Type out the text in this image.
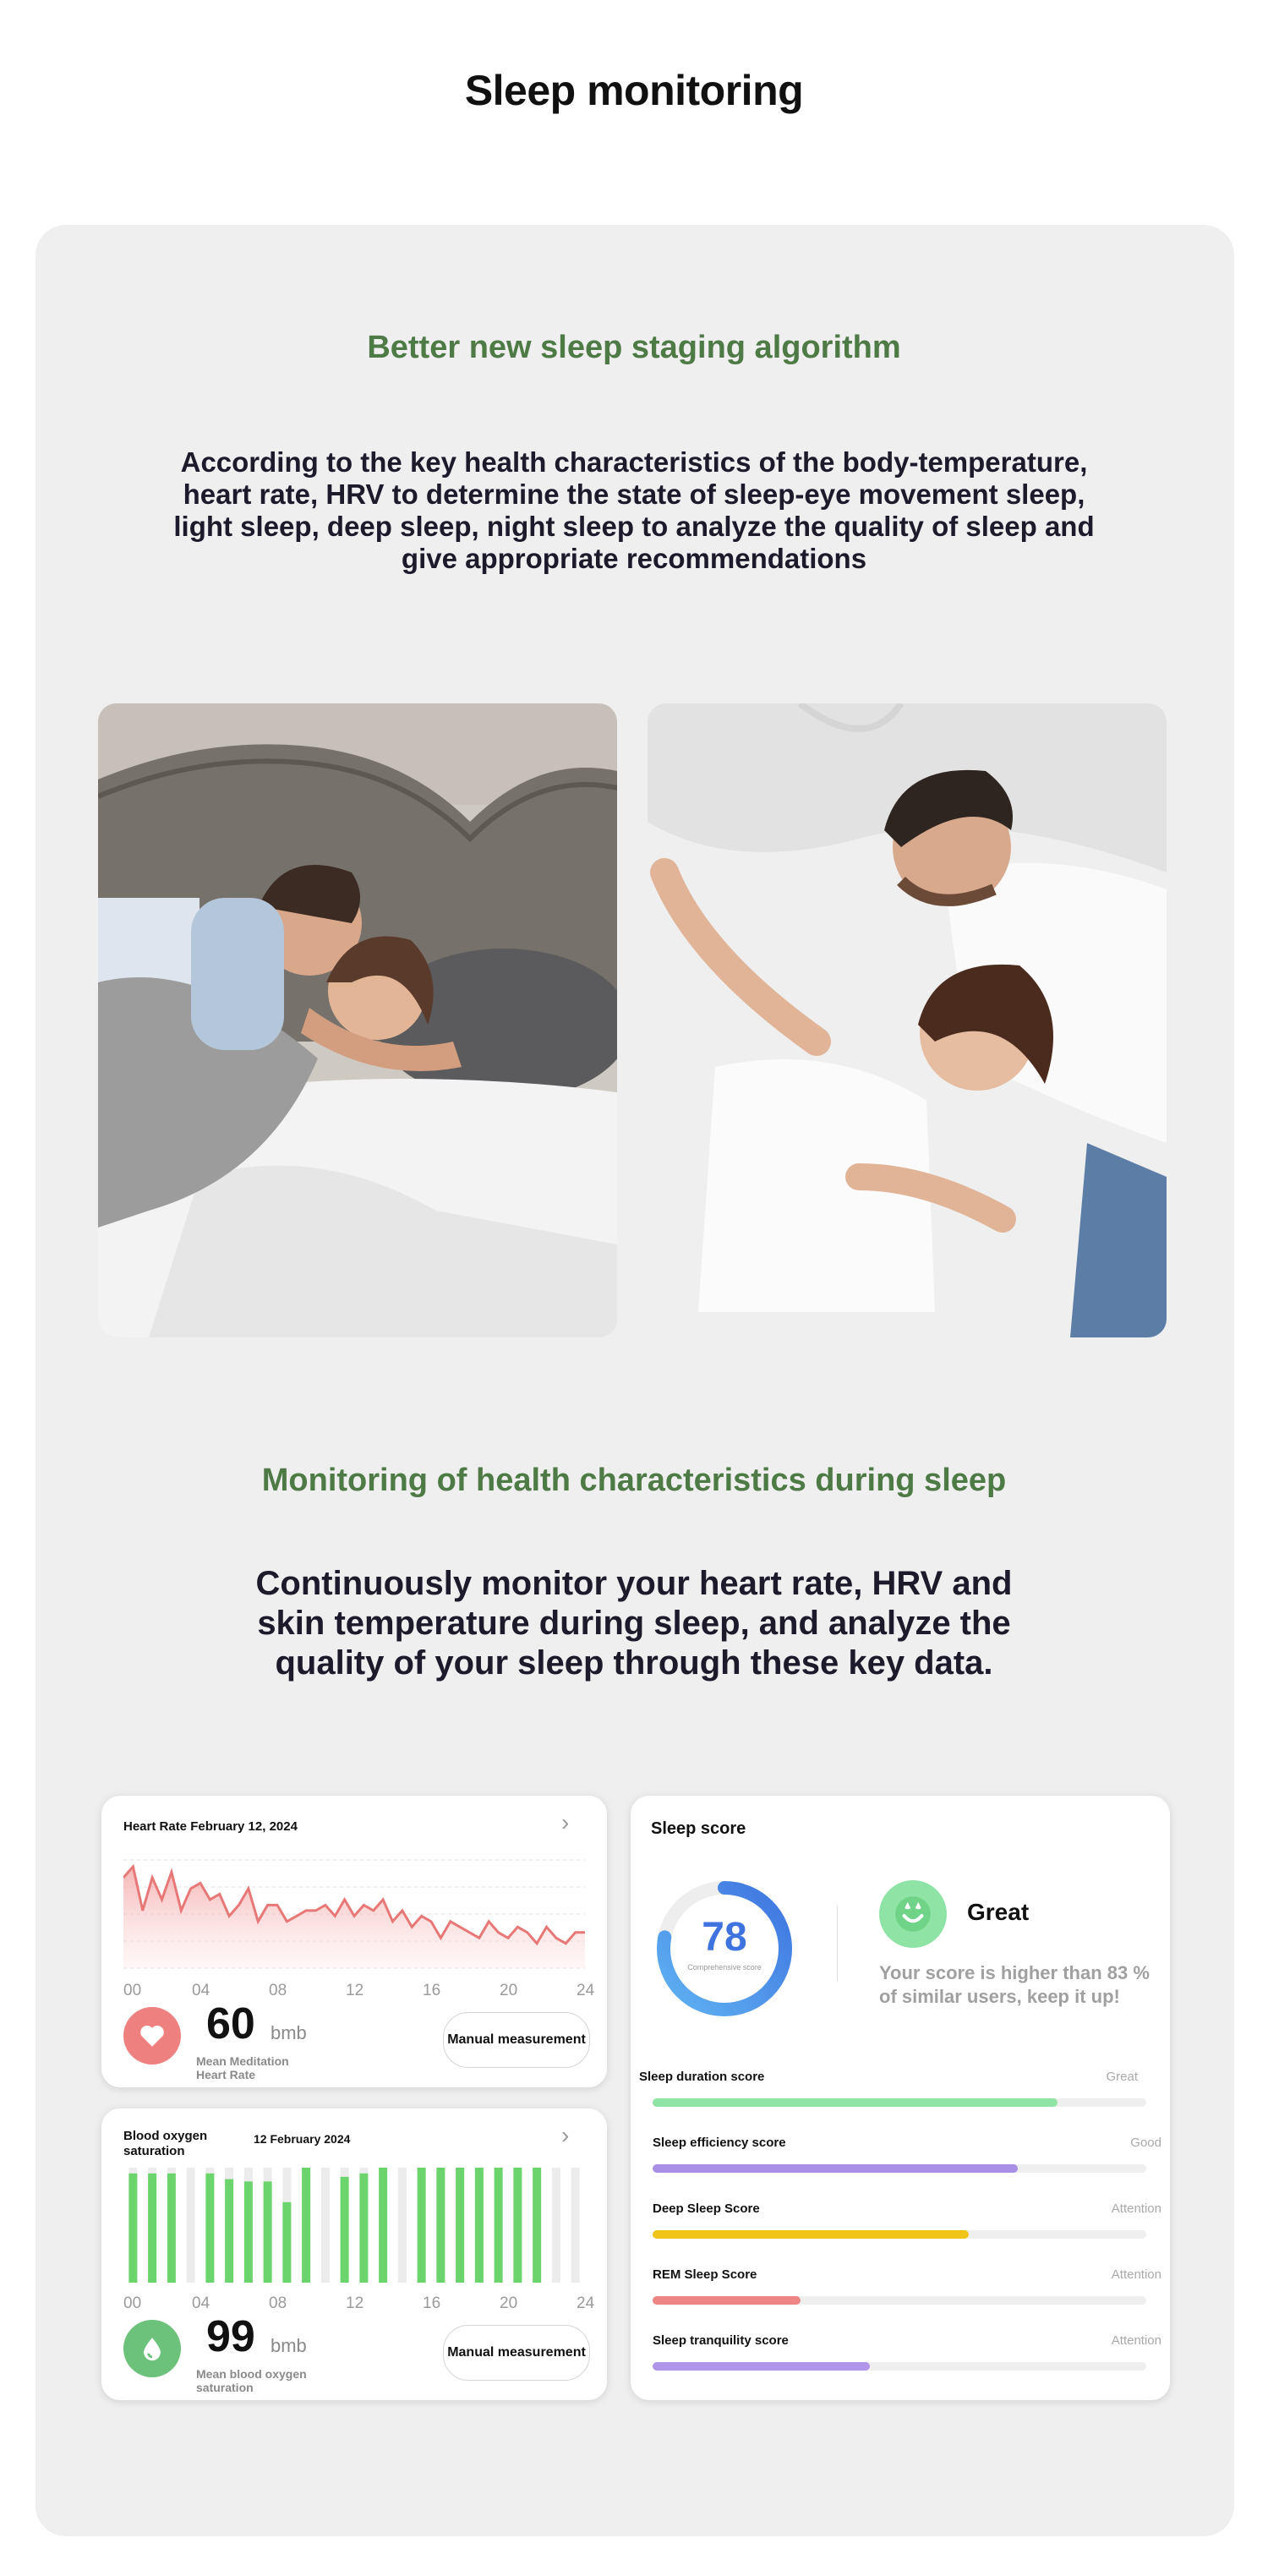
Sleep monitoring
Better new sleep staging algorithm
According to the key health characteristics of the body-temperature, heart rate, HRV to determine the state of sleep-eye movement sleep, light sleep, deep sleep, night sleep to analyze the quality of sleep and give appropriate recommendations
Monitoring of health characteristics during sleep
Continuously monitor your heart rate, HRV and skin temperature during sleep, and analyze the quality of your sleep through these key data.
Heart Rate February 12, 2024	›
00	04	08	12	16	20	24
60 bmb
Mean Meditation
Heart Rate
Manual measurement
Blood oxygen
saturation
12 February 2024	›
00	04	08	12	16	20	24
99 bmb
Mean blood oxygen
saturation
Manual measurement
Sleep score
78
Comprehensive score
Great
Your score is higher than 83 % of similar users, keep it up!
Sleep duration score	Great
Sleep efficiency score	Good
Deep Sleep Score	Attention
REM Sleep Score	Attention
Sleep tranquility score	Attention
